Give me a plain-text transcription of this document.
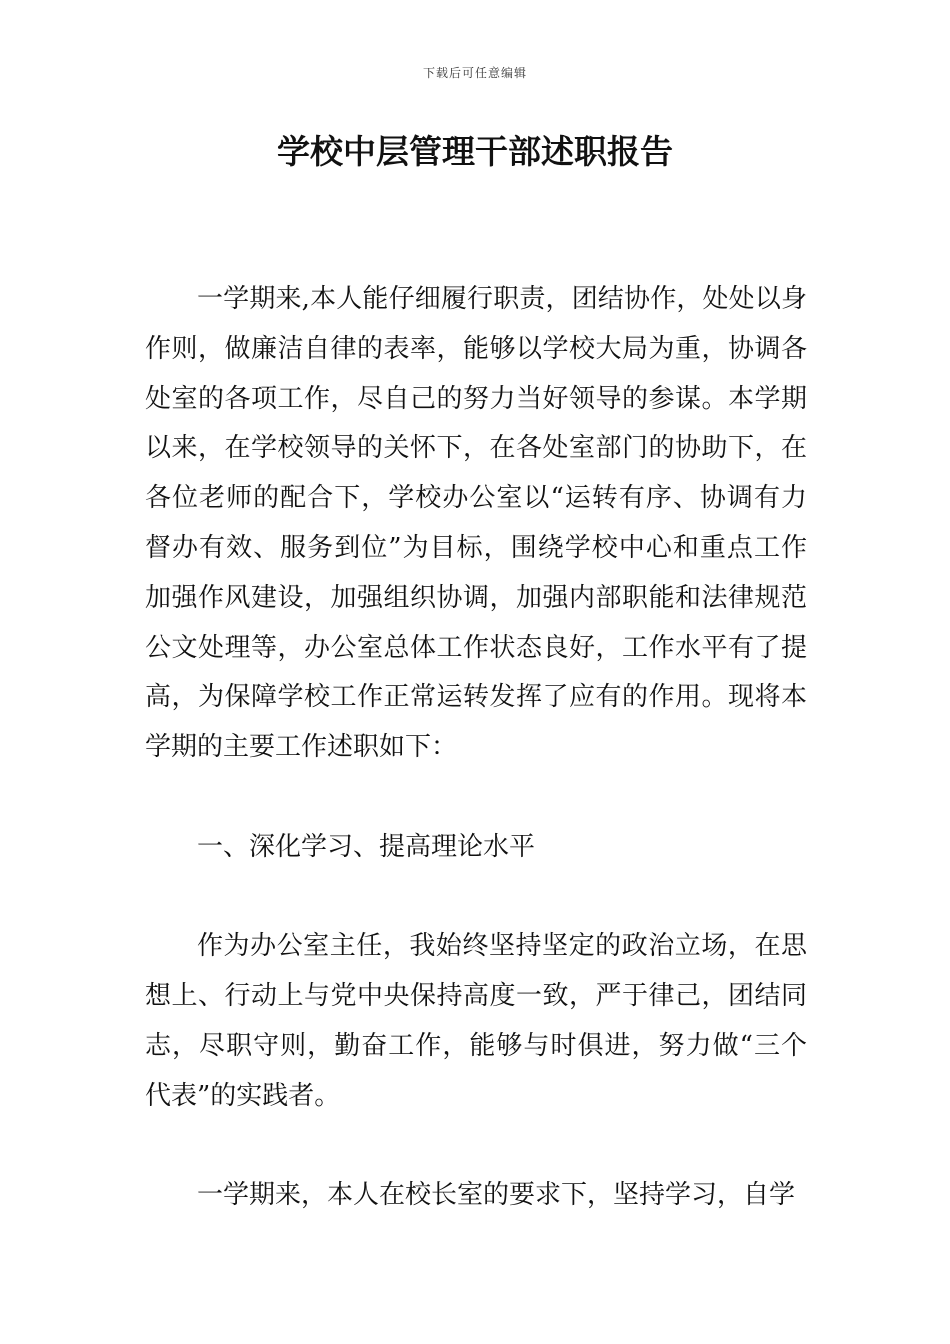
下载后可任意编辑
学校中层管理干部述职报告

一学期来,本人能仔细履行职责，团结协作，处处以身作则，做廉洁自律的表率，能够以学校大局为重，协调各处室的各项工作，尽自己的努力当好领导的参谋。本学期以来，在学校领导的关怀下，在各处室部门的协助下，在各位老师的配合下，学校办公室以“运转有序、协调有力督办有效、服务到位”为目标，围绕学校中心和重点工作加强作风建设，加强组织协调，加强内部职能和法律规范公文处理等，办公室总体工作状态良好，工作水平有了提高，为保障学校工作正常运转发挥了应有的作用。现将本学期的主要工作述职如下：

一、深化学习、提高理论水平

作为办公室主任，我始终坚持坚定的政治立场，在思想上、行动上与党中央保持高度一致，严于律己，团结同志，尽职守则，勤奋工作，能够与时俱进，努力做“三个代表”的实践者。

一学期来，本人在校长室的要求下，坚持学习，自学
